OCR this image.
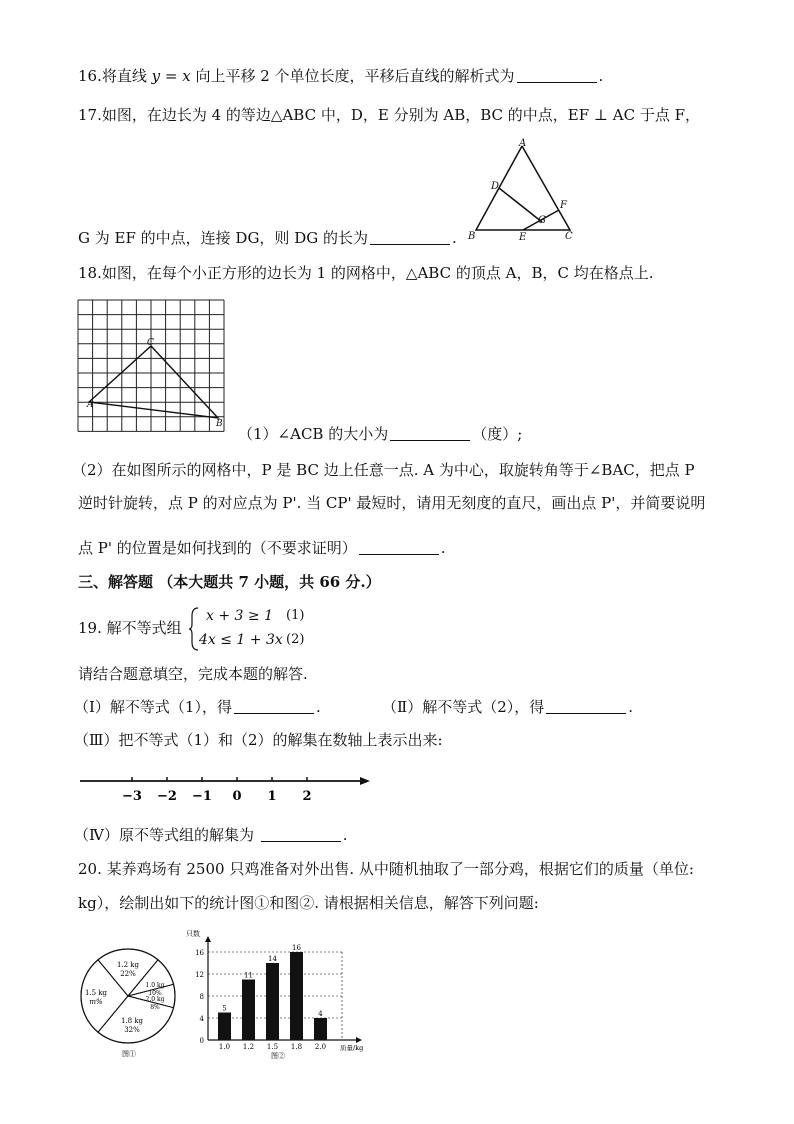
16.将直线 y = x 向上平移 2 个单位长度，平移后直线的解析式为	.
17.如图，在边长为 4 的等边△ABC 中，D，E 分别为 AB，BC 的中点，EF ⊥ AC 于点 F，
G 为 EF 的中点，连接 DG，则 DG 的长为	.
A
D
F
G
B	E	C
18.如图，在每个小正方形的边长为 1 的网格中，△ABC 的顶点 A，B，C 均在格点上.
C
A
B
（1）∠ACB 的大小为	（度）;
（2）在如图所示的网格中，P 是 BC 边上任意一点. A 为中心，取旋转角等于∠BAC，把点 P
逆时针旋转，点 P 的对应点为 P'. 当 CP' 最短时，请用无刻度的直尺，画出点 P'，并简要说明
点 P' 的位置是如何找到的（不要求证明）	.
三、解答题 （本大题共 7 小题，共 66 分.）
19. 解不等式组
x + 3 ≥ 1 (1)
4x ≤ 1 + 3x (2)
请结合题意填空，完成本题的解答.
（Ⅰ）解不等式（1），得	.	（Ⅱ）解不等式（2），得	.
（Ⅲ）把不等式（1）和（2）的解集在数轴上表示出来:
−3 −2 −1 0 1 2
（Ⅳ）原不等式组的解集为	.
20. 某养鸡场有 2500 只鸡准备对外出售. 从中随机抽取了一部分鸡，根据它们的质量（单位:
kg），绘制出如下的统计图①和图②. 请根据相关信息，解答下列问题:
1.2 kg
22%
1.0 kg
10%
2.0 kg
8%
1.8 kg
32%
1.5 kg
m%
图①
只数
0
4
8
12
16
5
1.0
11
1.2
14
1.5
16
1.8
4
2.0 质量/kg
图②
